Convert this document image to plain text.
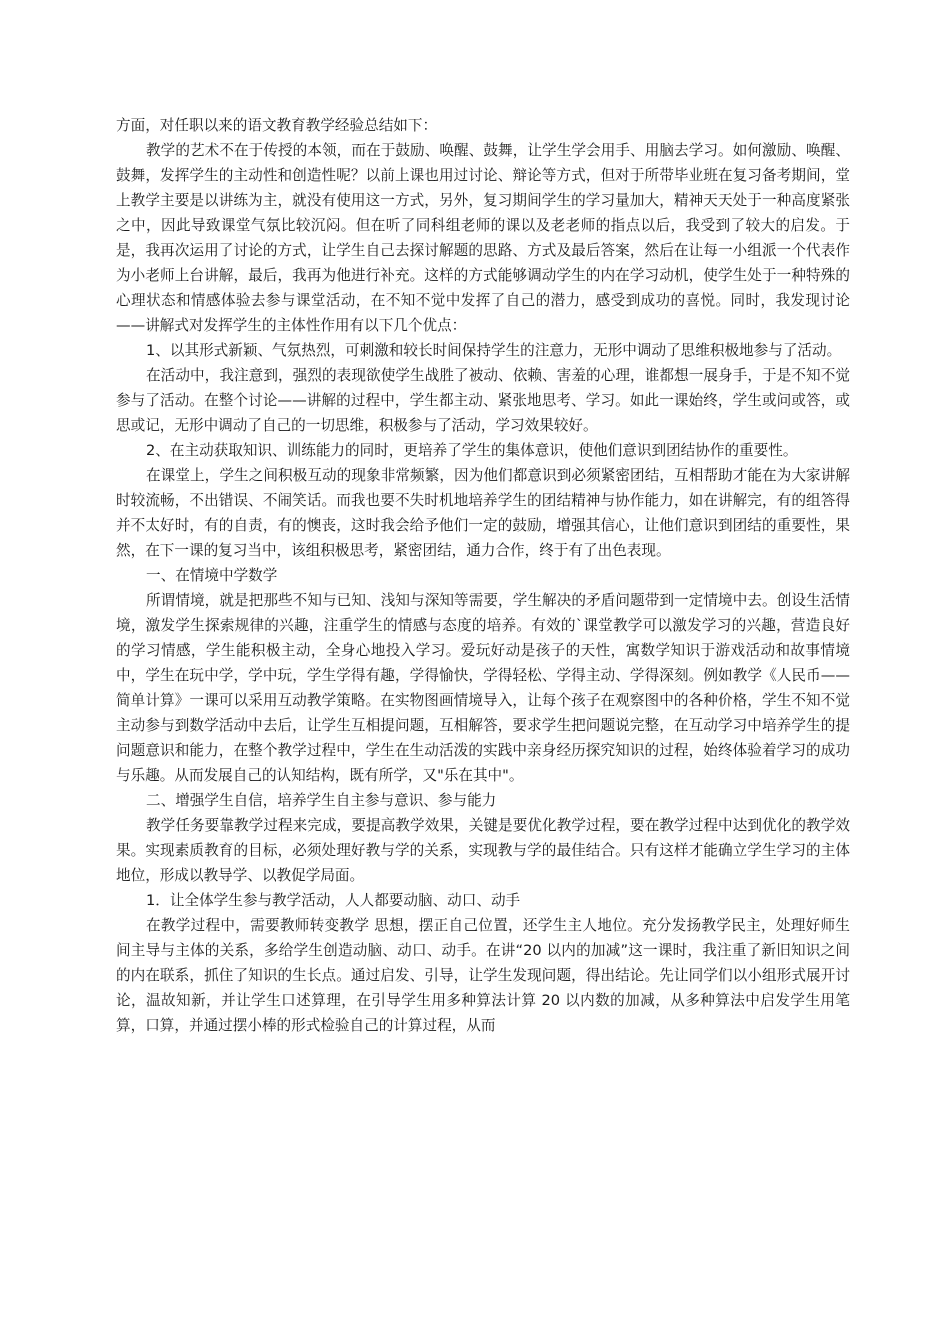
方面，对任职以来的语文教育教学经验总结如下：

教学的艺术不在于传授的本领，而在于鼓励、唤醒、鼓舞，让学生学会用手、用脑去学习。如何激励、唤醒、鼓舞，发挥学生的主动性和创造性呢？以前上课也用过讨论、辩论等方式，但对于所带毕业班在复习备考期间，堂上教学主要是以讲练为主，就没有使用这一方式，另外，复习期间学生的学习量加大，精神天天处于一种高度紧张之中，因此导致课堂气氛比较沉闷。但在听了同科组老师的课以及老老师的指点以后，我受到了较大的启发。于是，我再次运用了讨论的方式，让学生自己去探讨解题的思路、方式及最后答案，然后在让每一小组派一个代表作为小老师上台讲解，最后，我再为他进行补充。这样的方式能够调动学生的内在学习动机，使学生处于一种特殊的心理状态和情感体验去参与课堂活动，在不知不觉中发挥了自己的潜力，感受到成功的喜悦。同时，我发现讨论——讲解式对发挥学生的主体性作用有以下几个优点：

1、以其形式新颖、气氛热烈，可刺激和较长时间保持学生的注意力，无形中调动了思维积极地参与了活动。

在活动中，我注意到，强烈的表现欲使学生战胜了被动、依赖、害羞的心理，谁都想一展身手，于是不知不觉参与了活动。在整个讨论——讲解的过程中，学生都主动、紧张地思考、学习。如此一课始终，学生或问或答，或思或记，无形中调动了自己的一切思维，积极参与了活动，学习效果较好。

2、在主动获取知识、训练能力的同时，更培养了学生的集体意识，使他们意识到团结协作的重要性。

在课堂上，学生之间积极互动的现象非常频繁，因为他们都意识到必须紧密团结，互相帮助才能在为大家讲解时较流畅，不出错误、不闹笑话。而我也要不失时机地培养学生的团结精神与协作能力，如在讲解完，有的组答得并不太好时，有的自责，有的懊丧，这时我会给予他们一定的鼓励，增强其信心，让他们意识到团结的重要性，果然，在下一课的复习当中，该组积极思考，紧密团结，通力合作，终于有了出色表现。

一、在情境中学数学

所谓情境，就是把那些不知与已知、浅知与深知等需要，学生解决的矛盾问题带到一定情境中去。创设生活情境，激发学生探索规律的兴趣，注重学生的情感与态度的培养。有效的`课堂教学可以激发学习的兴趣，营造良好的学习情感，学生能积极主动，全身心地投入学习。爱玩好动是孩子的天性，寓数学知识于游戏活动和故事情境中，学生在玩中学，学中玩，学生学得有趣，学得愉快，学得轻松、学得主动、学得深刻。例如教学《人民币——简单计算》一课可以采用互动教学策略。在实物图画情境导入，让每个孩子在观察图中的各种价格，学生不知不觉主动参与到数学活动中去后，让学生互相提问题，互相解答，要求学生把问题说完整，在互动学习中培养学生的提问题意识和能力，在整个教学过程中，学生在生动活泼的实践中亲身经历探究知识的过程，始终体验着学习的成功与乐趣。从而发展自己的认知结构，既有所学，又"乐在其中"。

二、增强学生自信，培养学生自主参与意识、参与能力

教学任务要靠教学过程来完成，要提高教学效果，关键是要优化教学过程，要在教学过程中达到优化的教学效果。实现素质教育的目标，必须处理好教与学的关系，实现教与学的最佳结合。只有这样才能确立学生学习的主体地位，形成以教导学、以教促学局面。

1．让全体学生参与教学活动，人人都要动脑、动口、动手

在教学过程中，需要教师转变教学 思想，摆正自己位置，还学生主人地位。充分发扬教学民主，处理好师生间主导与主体的关系，多给学生创造动脑、动口、动手。在讲“20 以内的加减”这一课时，我注重了新旧知识之间的内在联系，抓住了知识的生长点。通过启发、引导，让学生发现问题，得出结论。先让同学们以小组形式展开讨论，温故知新，并让学生口述算理，在引导学生用多种算法计算 20 以内数的加减，从多种算法中启发学生用笔算，口算，并通过摆小棒的形式检验自己的计算过程，从而
